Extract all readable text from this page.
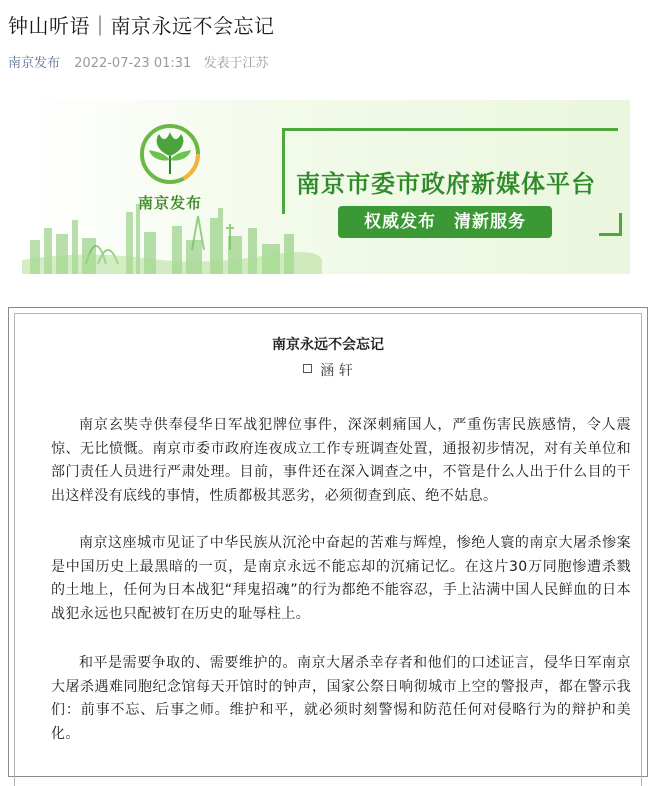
钟山听语｜南京永远不会忘记
南京发布 2022-07-23 01:31 发表于江苏
南京发布
南京市委市政府新媒体平台
权威发布　清新服务
南京永远不会忘记
涵 轩

南京玄奘寺供奉侵华日军战犯牌位事件，深深刺痛国人，严重伤害民族感情，令人震惊、无比愤慨。南京市委市政府连夜成立工作专班调查处置，通报初步情况，对有关单位和部门责任人员进行严肃处理。目前，事件还在深入调查之中，不管是什么人出于什么目的干出这样没有底线的事情，性质都极其恶劣，必须彻查到底、绝不姑息。

南京这座城市见证了中华民族从沉沦中奋起的苦难与辉煌，惨绝人寰的南京大屠杀惨案是中国历史上最黑暗的一页，是南京永远不能忘却的沉痛记忆。在这片30万同胞惨遭杀戮的土地上，任何为日本战犯“拜鬼招魂”的行为都绝不能容忍，手上沾满中国人民鲜血的日本战犯永远也只配被钉在历史的耻辱柱上。

和平是需要争取的、需要维护的。南京大屠杀幸存者和他们的口述证言，侵华日军南京大屠杀遇难同胞纪念馆每天开馆时的钟声，国家公祭日响彻城市上空的警报声，都在警示我们：前事不忘、后事之师。维护和平，就必须时刻警惕和防范任何对侵略行为的辩护和美化。
